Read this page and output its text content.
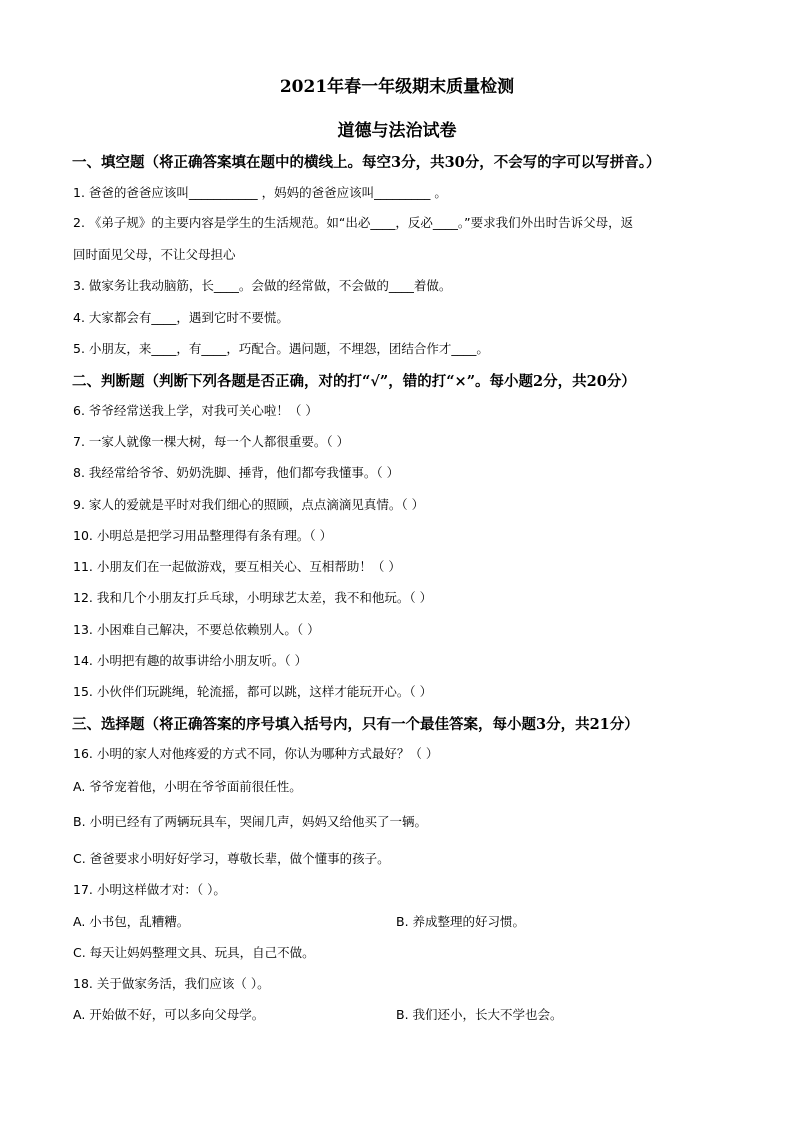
2021年春一年级期末质量检测
道德与法治试卷
一、填空题（将正确答案填在题中的横线上。每空3分，共30分，不会写的字可以写拼音。）
1. 爸爸的爸爸应该叫___________ ，妈妈的爸爸应该叫_________ 。
2. 《弟子规》的主要内容是学生的生活规范。如“出必____，反必____。”要求我们外出时告诉父母，返
回时面见父母，不让父母担心
3. 做家务让我动脑筋，长____。会做的经常做，不会做的____着做。
4. 大家都会有____，遇到它时不要慌。
5. 小朋友，来____，有____，巧配合。遇问题，不埋怨，团结合作才____。
二、判断题（判断下列各题是否正确，对的打“√”，错的打“×”。每小题2分，共20分）
6. 爷爷经常送我上学，对我可关心啦！（ ）
7. 一家人就像一棵大树，每一个人都很重要。（ ）
8. 我经常给爷爷、奶奶洗脚、捶背，他们都夸我懂事。（ ）
9. 家人的爱就是平时对我们细心的照顾，点点滴滴见真情。（ ）
10. 小明总是把学习用品整理得有条有理。（ ）
11. 小朋友们在一起做游戏，要互相关心、互相帮助！（ ）
12. 我和几个小朋友打乒乓球，小明球艺太差，我不和他玩。（ ）
13. 小困难自己解决，不要总依赖别人。（ ）
14. 小明把有趣的故事讲给小朋友听。（ ）
15. 小伙伴们玩跳绳，轮流摇，都可以跳，这样才能玩开心。（ ）
三、选择题（将正确答案的序号填入括号内，只有一个最佳答案，每小题3分，共21分）
16. 小明的家人对他疼爱的方式不同，你认为哪种方式最好？（ ）
A. 爷爷宠着他，小明在爷爷面前很任性。
B. 小明已经有了两辆玩具车，哭闹几声，妈妈又给他买了一辆。
C. 爸爸要求小明好好学习，尊敬长辈，做个懂事的孩子。
17. 小明这样做才对：（ ）。
A. 小书包，乱糟糟。	B. 养成整理的好习惯。
C. 每天让妈妈整理文具、玩具，自己不做。
18. 关于做家务活，我们应该（ ）。
A. 开始做不好，可以多向父母学。	B. 我们还小，长大不学也会。
